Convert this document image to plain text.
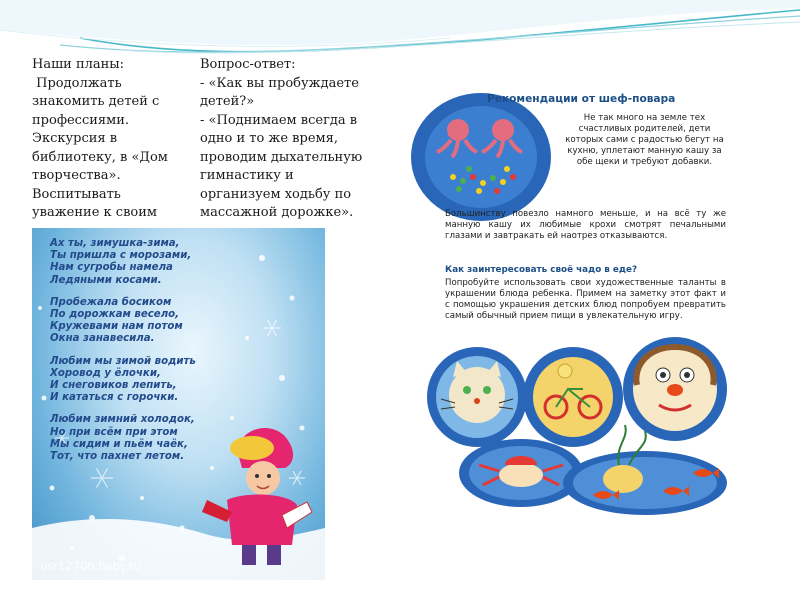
Наши планы:
Продолжать
знакомить детей с
профессиями.
Экскурсия в
библиотеку, в «Дом
творчества».
Воспитывать
уважение к своим
Вопрос-ответ:
- «Как вы пробуждаете
детей?»
- «Поднимаем всегда в
одно и то же время,
проводим дыхательную
гимнастику и
организуем ходьбу по
массажной дорожке».
Ах ты, зимушка-зима,
Ты пришла с морозами,
Нам сугробы намела
Ледяными косами.
Пробежала босиком
По дорожкам весело,
Кружевами нам потом
Окна занавесила.
Любим мы зимой водить
Хоровод у ёлочки,
И снеговиков лепить,
И кататься с горочки.
Любим зимний холодок,
Но при всём при этом
Мы сидим и пьём чаёк,
Тот, что пахнет летом.
usr12706.baby.ru
Рекомендации от шеф-повара
Не так много на земле тех счастливых родителей, дети которых сами с радостью бегут на кухню, уплетают манную кашу за обе щеки и требуют добавки.
Большинству повезло намного меньше, и на всё ту же манную кашу их любимые крохи смотрят печальными глазами и завтракать ей наотрез отказываются.
Как заинтересовать своё чадо в еде?
Попробуйте использовать свои художественные таланты в украшении блюда ребенка. Примем на заметку этот факт и с помощью украшения детских блюд попробуем превратить самый обычный прием пищи в увлекательную игру.
